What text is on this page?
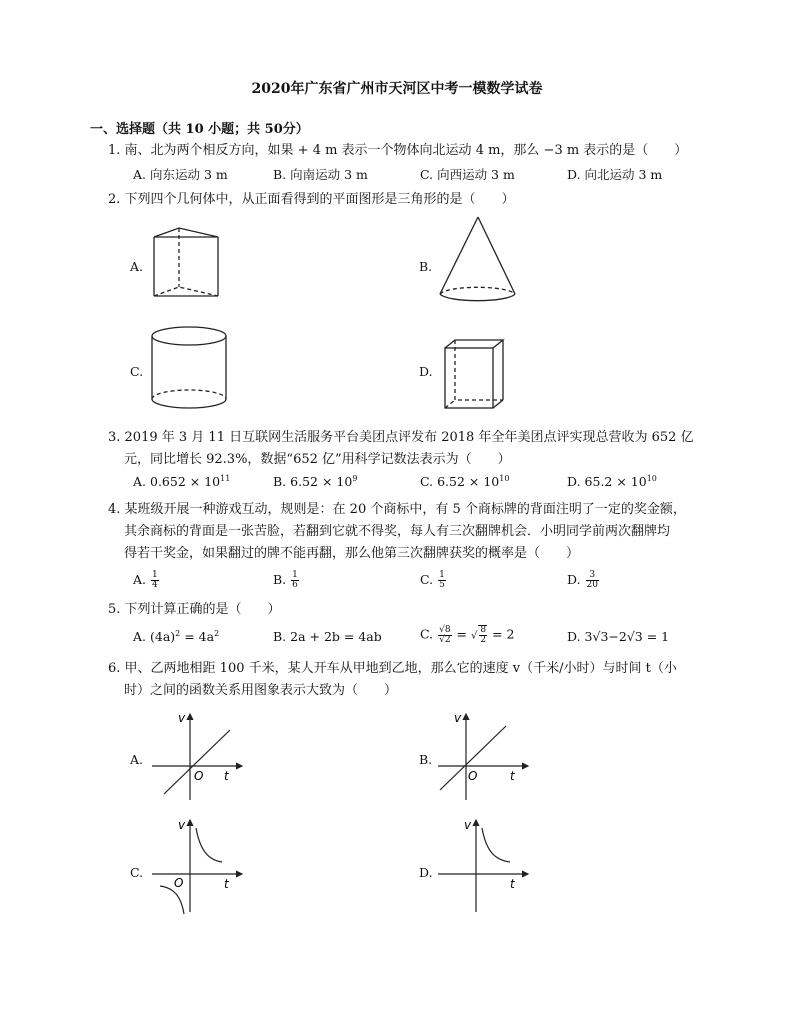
2020年广东省广州市天河区中考一模数学试卷
一、选择题（共 10 小题；共 50分）
1. 南、北为两个相反方向，如果 + 4 m 表示一个物体向北运动 4 m，那么 −3 m 表示的是（　　）
A. 向东运动 3 m	B. 向南运动 3 m	C. 向西运动 3 m	D. 向北运动 3 m
2. 下列四个几何体中，从正面看得到的平面图形是三角形的是（　　）
A.	B.
C.	D.
3. 2019 年 3 月 11 日互联网生活服务平台美团点评发布 2018 年全年美团点评实现总营收为 652 亿
元，同比增长 92.3%，数据“652 亿”用科学记数法表示为（　　）
A. $0.652 \times 10^{11}$	B. $6.52 \times 10^9$	C. $6.52 \times 10^{10}$	D. $65.2 \times 10^{10}$
4. 某班级开展一种游戏互动，规则是：在 20 个商标中，有 5 个商标牌的背面注明了一定的奖金额，
其余商标的背面是一张苦脸，若翻到它就不得奖，每人有三次翻牌机会．小明同学前两次翻牌均
得若干奖金，如果翻过的牌不能再翻，那么他第三次翻牌获奖的概率是（　　）
A. $\frac{1}{4}$	B. $\frac{1}{6}$	C. $\frac{1}{5}$	D. $\frac{3}{20}$
5. 下列计算正确的是（　　）
A. $(4a)^2 = 4a^2$	B. 2a + 2b = 4ab	C. $\frac{√8}{√2}$ = √ $\frac{8}{2} = 2$	D. 3√3−2√3 = 1
6. 甲、乙两地相距 100 千米，某人开车从甲地到乙地，那么它的速度 v（千米/小时）与时间 t（小
时）之间的函数关系用图象表示大致为（　　）
A.
v
t
O
B.
v
t
O
C.
v
t
O
D.
v
t
